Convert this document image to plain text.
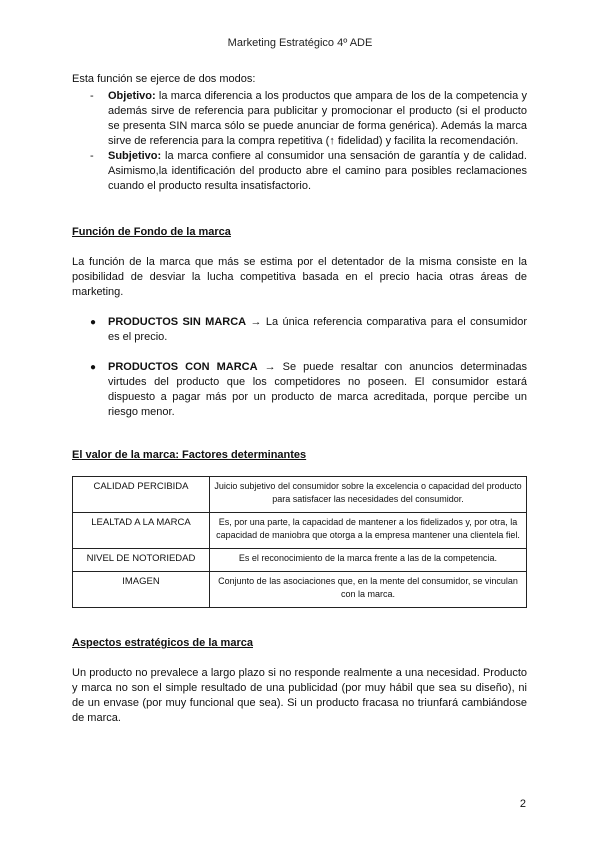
Marketing Estratégico 4º ADE

Esta función se ejerce de dos modos:

- Objetivo: la marca diferencia a los productos que ampara de los de la competencia y además sirve de referencia para publicitar y promocionar el producto (si el producto se presenta SIN marca sólo se puede anunciar de forma genérica). Además la marca sirve de referencia para la compra repetitiva (↑ fidelidad) y facilita la recomendación.
- Subjetivo: la marca confiere al consumidor una sensación de garantía y de calidad. Asimismo,la identificación del producto abre el camino para posibles reclamaciones cuando el producto resulta insatisfactorio.

Función de Fondo de la marca

La función de la marca que más se estima por el detentador de la misma consiste en la posibilidad de desviar la lucha competitiva basada en el precio hacia otras áreas de marketing.

● PRODUCTOS SIN MARCA → La única referencia comparativa para el consumidor es el precio.
● PRODUCTOS CON MARCA → Se puede resaltar con anuncios determinadas virtudes del producto que los competidores no poseen. El consumidor estará dispuesto a pagar más por un producto de marca acreditada, porque percibe un riesgo menor.

El valor de la marca: Factores determinantes

CALIDAD PERCIBIDA	Juicio subjetivo del consumidor sobre la excelencia o capacidad del producto para satisfacer las necesidades del consumidor.
LEALTAD A LA MARCA	Es, por una parte, la capacidad de mantener a los fidelizados y, por otra, la capacidad de maniobra que otorga a la empresa mantener una clientela fiel.
NIVEL DE NOTORIEDAD	Es el reconocimiento de la marca frente a las de la competencia.
IMAGEN	Conjunto de las asociaciones que, en la mente del consumidor, se vinculan con la marca.

Aspectos estratégicos de la marca

Un producto no prevalece a largo plazo si no responde realmente a una necesidad. Producto y marca no son el simple resultado de una publicidad (por muy hábil que sea su diseño), ni de un envase (por muy funcional que sea). Si un producto fracasa no triunfará cambiándose de marca.

2
